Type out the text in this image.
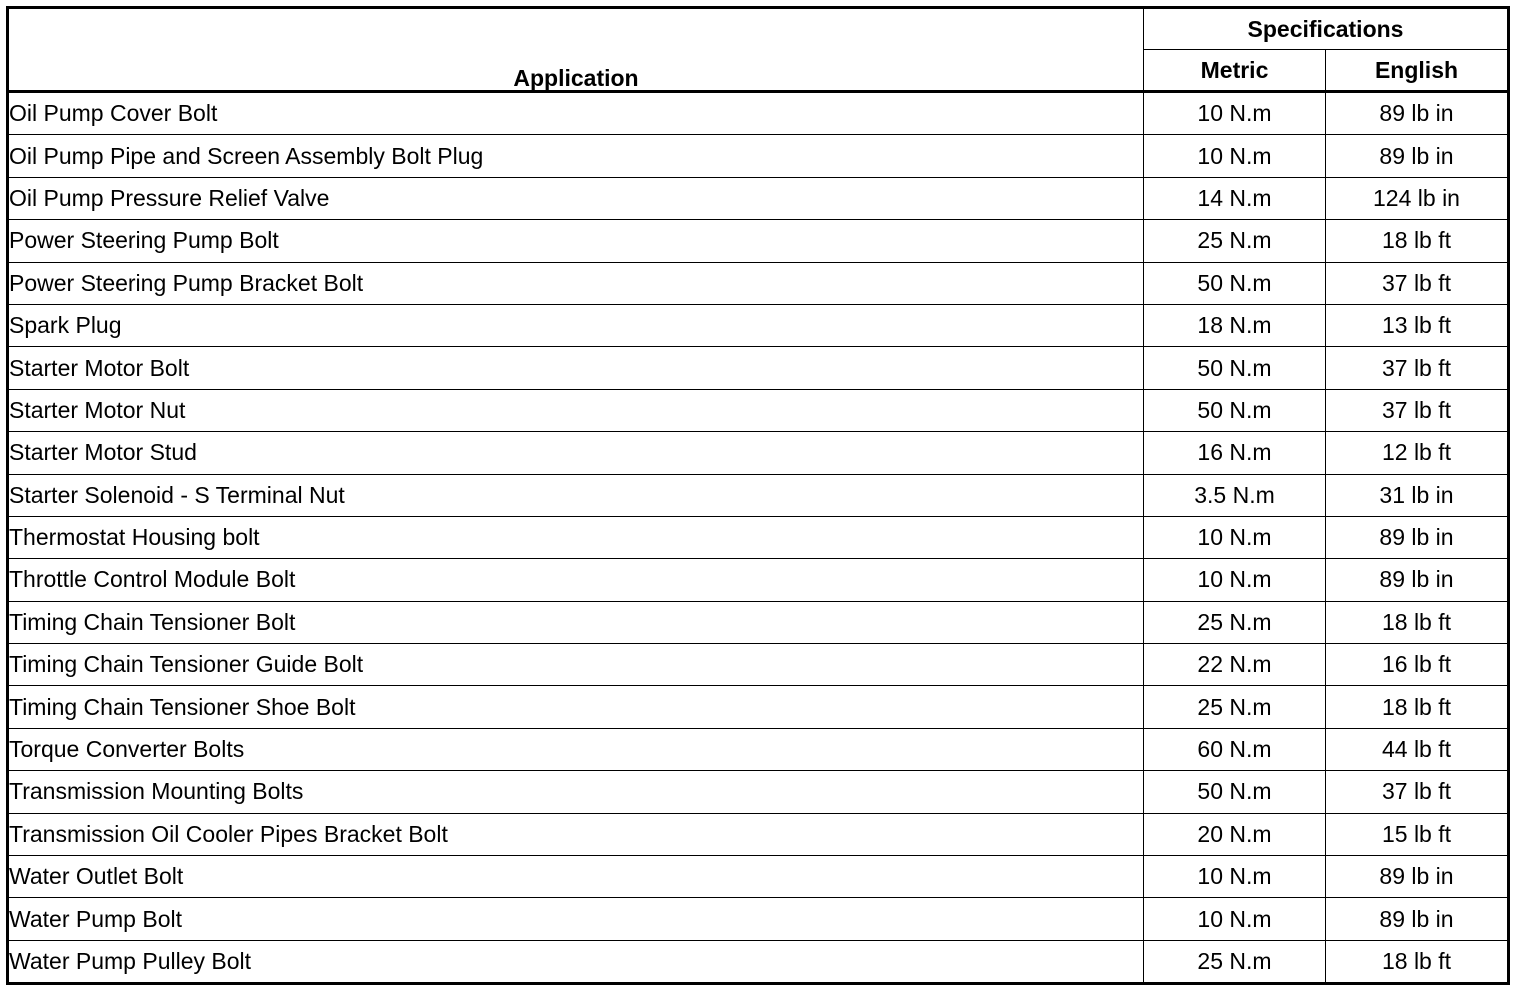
Application	Specifications	
	Metric	English
Oil Pump Cover Bolt	10 N.m	89 lb in
Oil Pump Pipe and Screen Assembly Bolt Plug	10 N.m	89 lb in
Oil Pump Pressure Relief Valve	14 N.m	124 lb in
Power Steering Pump Bolt	25 N.m	18 lb ft
Power Steering Pump Bracket Bolt	50 N.m	37 lb ft
Spark Plug	18 N.m	13 lb ft
Starter Motor Bolt	50 N.m	37 lb ft
Starter Motor Nut	50 N.m	37 lb ft
Starter Motor Stud	16 N.m	12 lb ft
Starter Solenoid - S Terminal Nut	3.5 N.m	31 lb in
Thermostat Housing bolt	10 N.m	89 lb in
Throttle Control Module Bolt	10 N.m	89 lb in
Timing Chain Tensioner Bolt	25 N.m	18 lb ft
Timing Chain Tensioner Guide Bolt	22 N.m	16 lb ft
Timing Chain Tensioner Shoe Bolt	25 N.m	18 lb ft
Torque Converter Bolts	60 N.m	44 lb ft
Transmission Mounting Bolts	50 N.m	37 lb ft
Transmission Oil Cooler Pipes Bracket Bolt	20 N.m	15 lb ft
Water Outlet Bolt	10 N.m	89 lb in
Water Pump Bolt	10 N.m	89 lb in
Water Pump Pulley Bolt	25 N.m	18 lb ft
